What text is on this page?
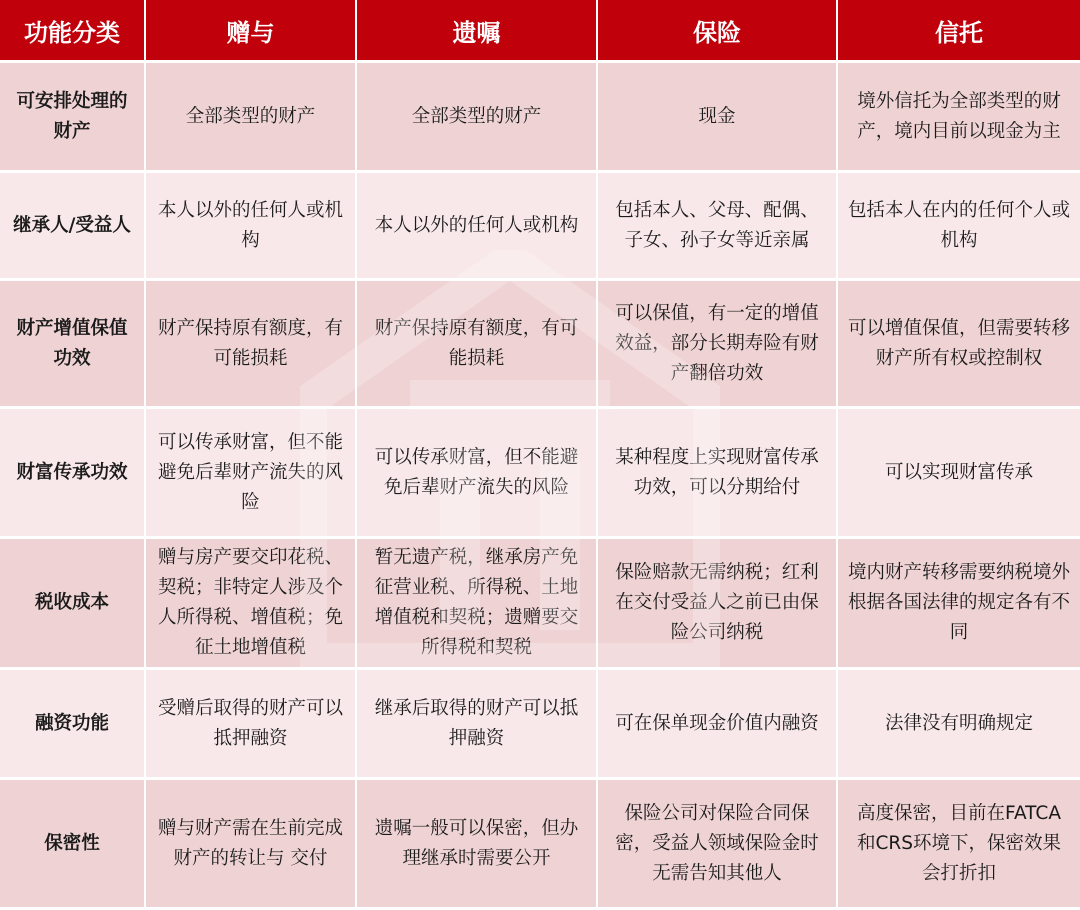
功能分类	赠与	遗嘱	保险	信托
可安排处理的财产	全部类型的财产	全部类型的财产	现金	境外信托为全部类型的财产，境内目前以现金为主
继承人/受益人	本人以外的任何人或机构	本人以外的任何人或机构	包括本人、父母、配偶、子女、孙子女等近亲属	包括本人在内的任何个人或机构
财产增值保值功效	财产保持原有额度，有可能损耗	财产保持原有额度，有可能损耗	可以保值，有一定的增值效益，部分长期寿险有财产翻倍功效	可以增值保值，但需要转移财产所有权或控制权
财富传承功效	可以传承财富，但不能避免后辈财产流失的风险	可以传承财富，但不能避免后辈财产流失的风险	某种程度上实现财富传承功效，可以分期给付	可以实现财富传承
税收成本	赠与房产要交印花税、契税；非特定人涉及个人所得税、增值税；免征土地增值税	暂无遗产税，继承房产免征营业税、所得税、土地增值税和契税；遗赠要交所得税和契税	保险赔款无需纳税；红利在交付受益人之前已由保险公司纳税	境内财产转移需要纳税境外根据各国法律的规定各有不同
融资功能	受赠后取得的财产可以抵押融资	继承后取得的财产可以抵押融资	可在保单现金价值内融资	法律没有明确规定
保密性	赠与财产需在生前完成财产的转让与 交付	遗嘱一般可以保密，但办理继承时需要公开	保险公司对保险合同保密，受益人领域保险金时无需告知其他人	高度保密，目前在FATCA和CRS环境下，保密效果会打折扣
